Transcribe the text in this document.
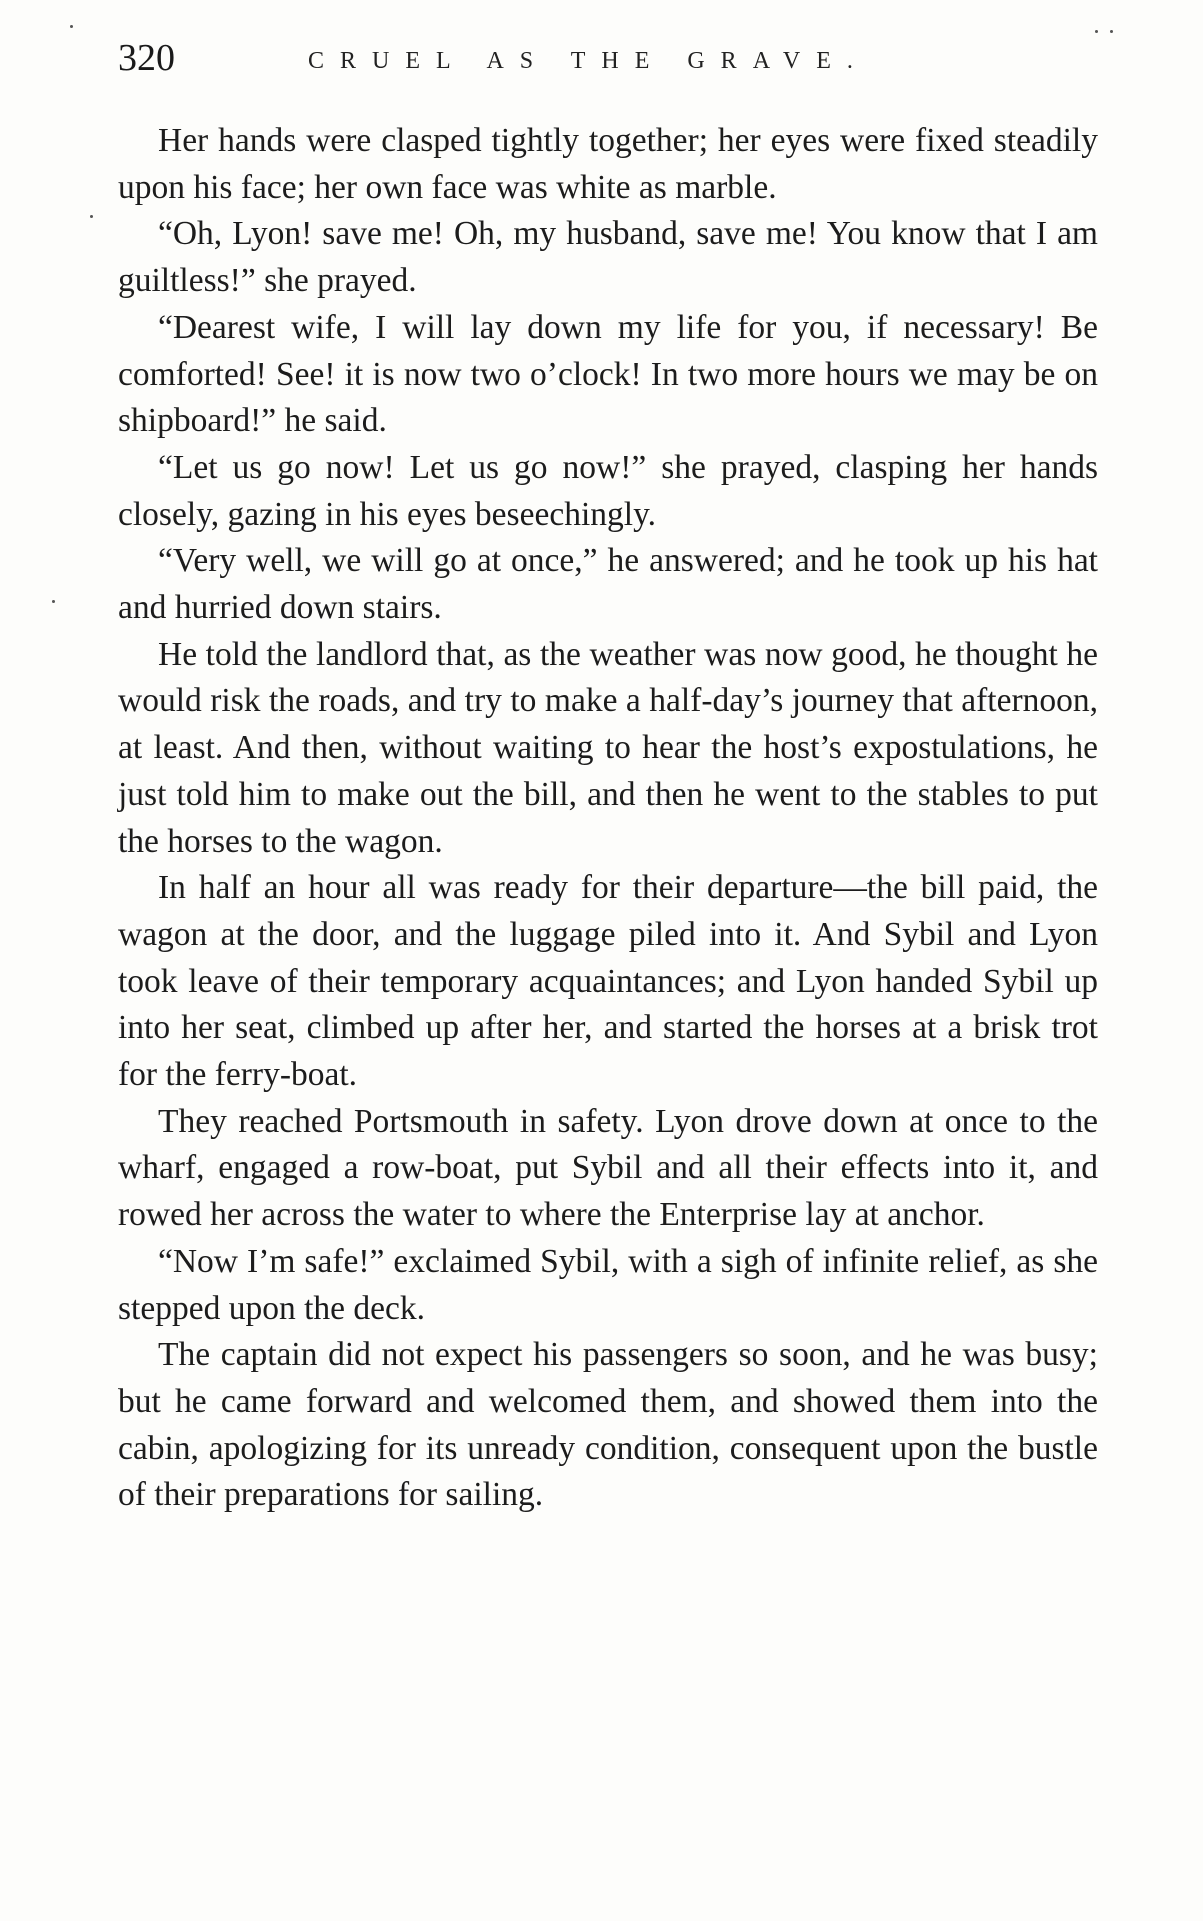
320	CRUEL AS THE GRAVE.

Her hands were clasped tightly together; her eyes were fixed steadily upon his face; her own face was white as marble.

“Oh, Lyon! save me! Oh, my husband, save me! You know that I am guiltless!” she prayed.

“Dearest wife, I will lay down my life for you, if necessary! Be comforted! See! it is now two o’clock! In two more hours we may be on shipboard!” he said.

“Let us go now! Let us go now!” she prayed, clasping her hands closely, gazing in his eyes beseechingly.

“Very well, we will go at once,” he answered; and he took up his hat and hurried down stairs.

He told the landlord that, as the weather was now good, he thought he would risk the roads, and try to make a half-day’s journey that afternoon, at least. And then, without waiting to hear the host’s expostulations, he just told him to make out the bill, and then he went to the stables to put the horses to the wagon.

In half an hour all was ready for their departure—the bill paid, the wagon at the door, and the luggage piled into it. And Sybil and Lyon took leave of their temporary acquaintances; and Lyon handed Sybil up into her seat, climbed up after her, and started the horses at a brisk trot for the ferry-boat.

They reached Portsmouth in safety. Lyon drove down at once to the wharf, engaged a row-boat, put Sybil and all their effects into it, and rowed her across the water to where the Enterprise lay at anchor.

“Now I’m safe!” exclaimed Sybil, with a sigh of infinite relief, as she stepped upon the deck.

The captain did not expect his passengers so soon, and he was busy; but he came forward and welcomed them, and showed them into the cabin, apologizing for its unready condition, consequent upon the bustle of their preparations for sailing.
